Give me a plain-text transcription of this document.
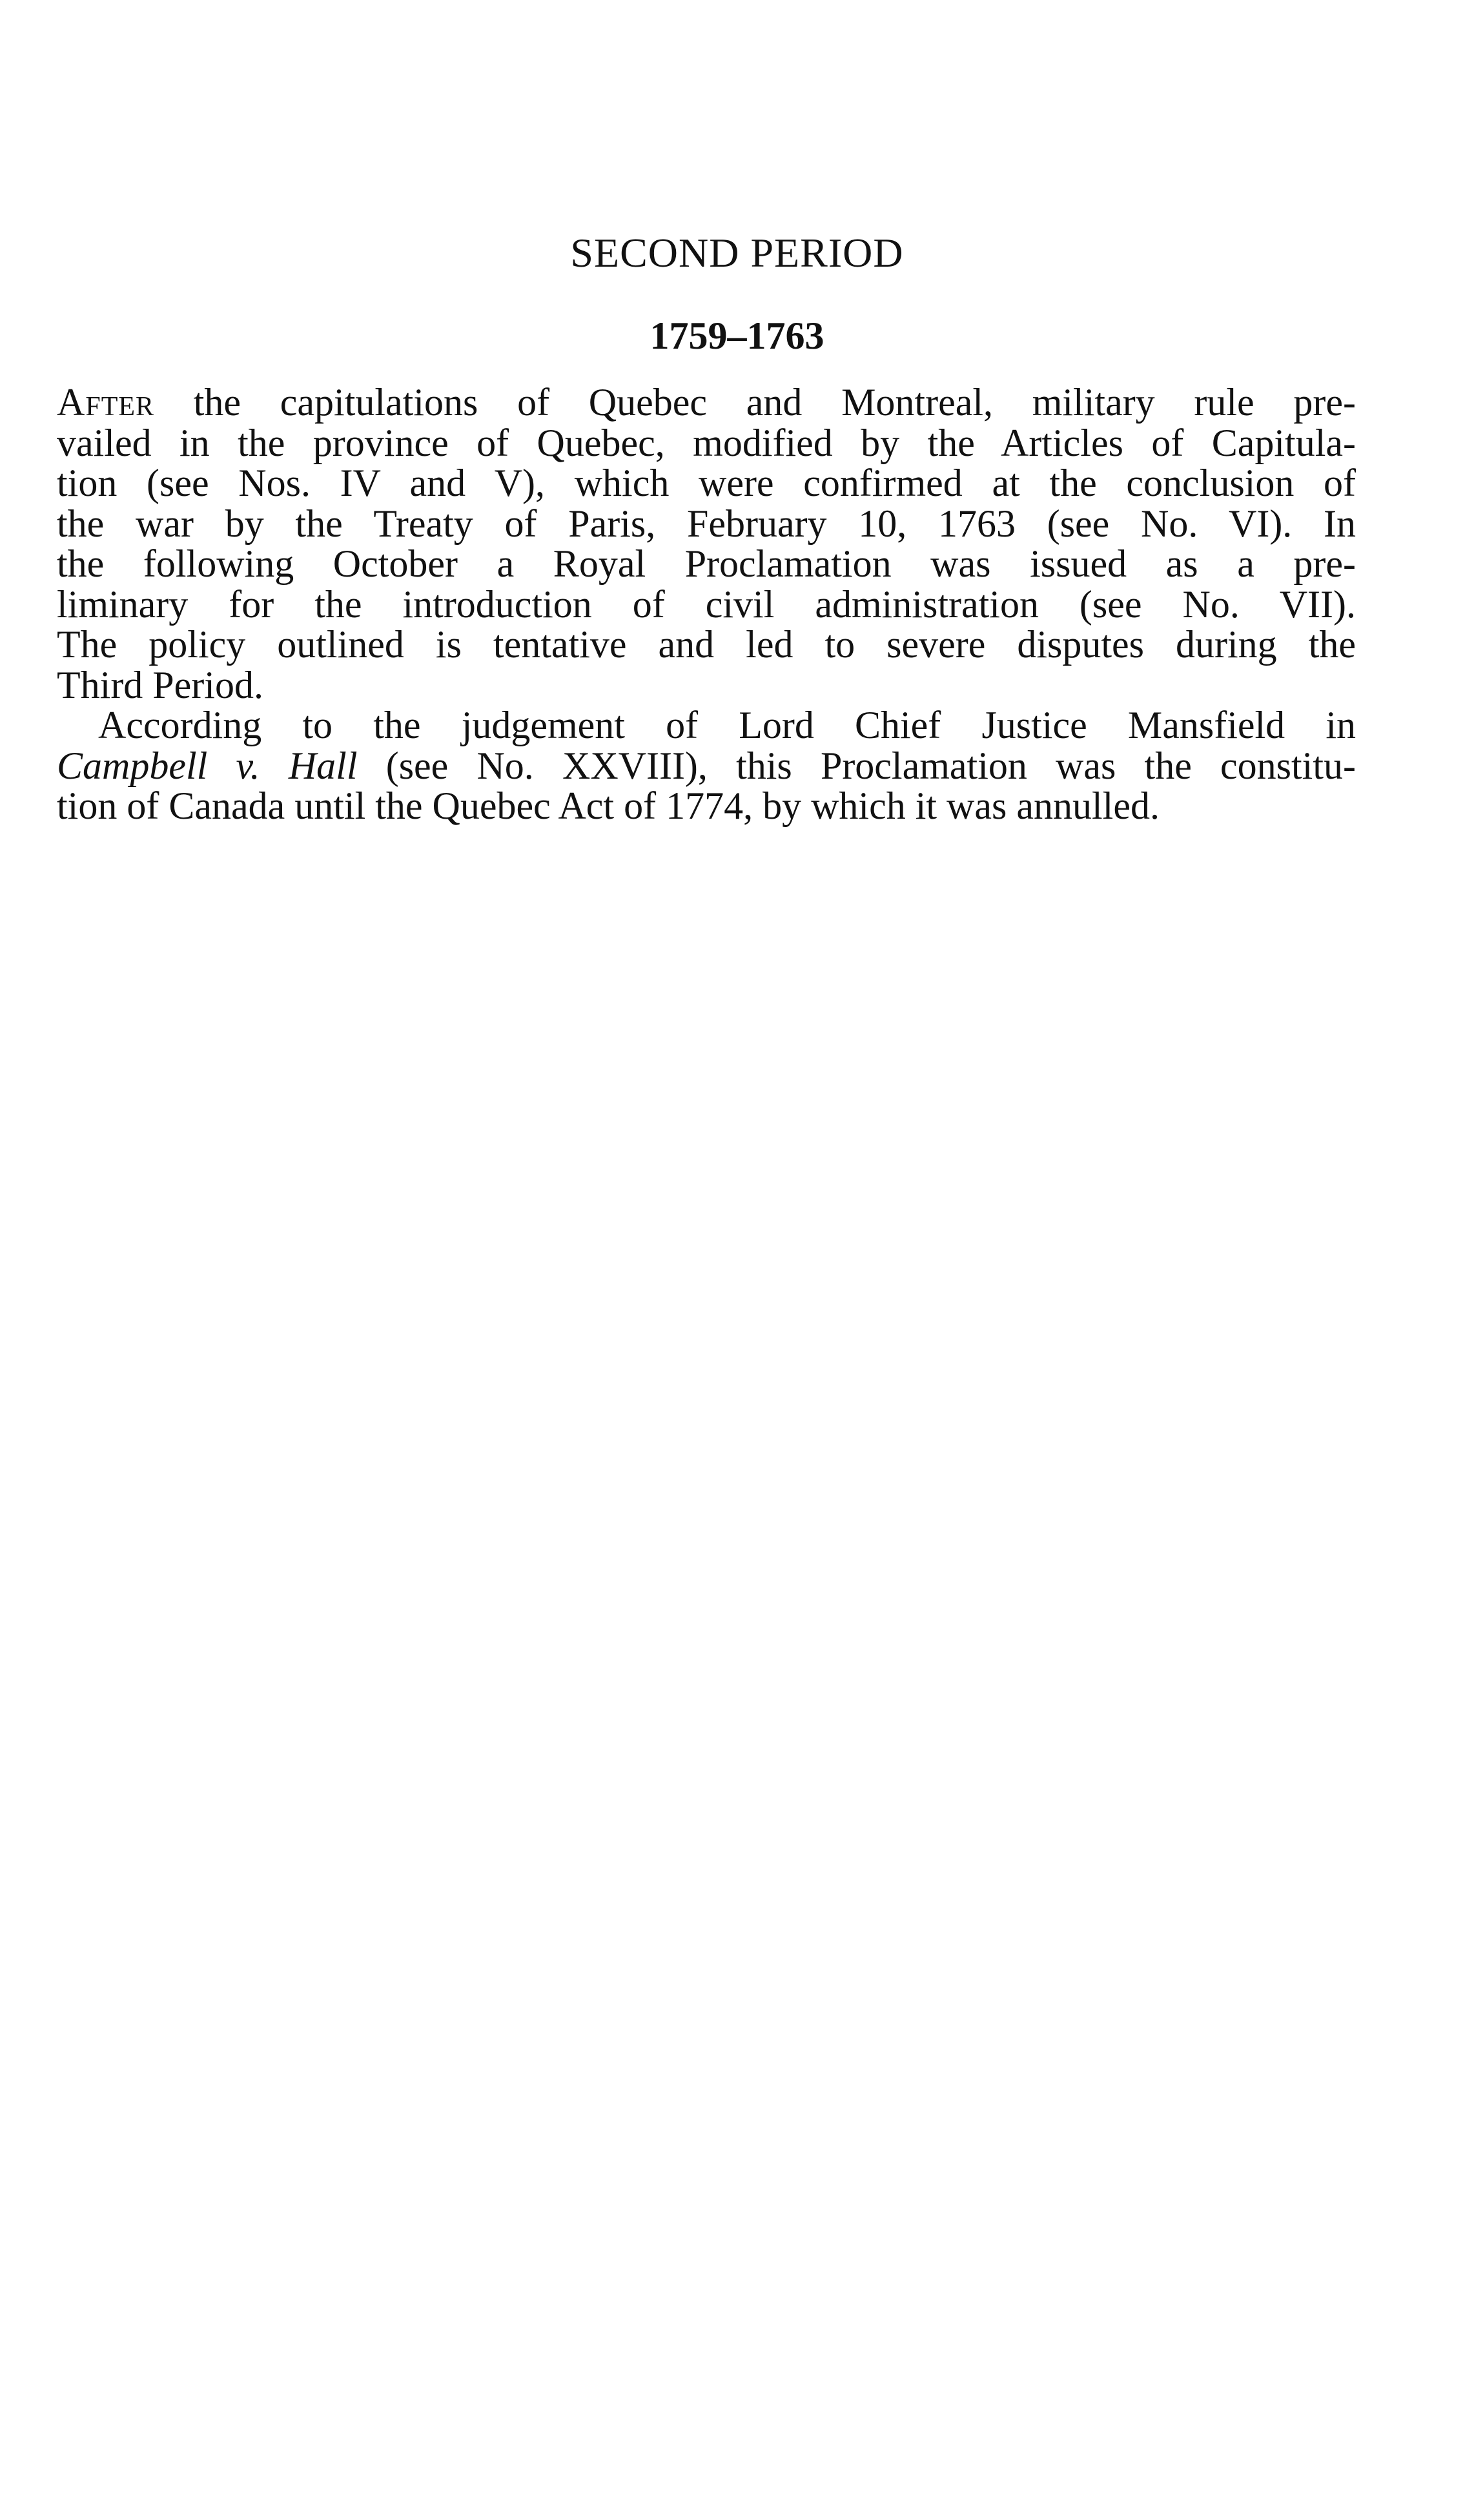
SECOND PERIOD
1759–1763
After the capitulations of Quebec and Montreal, military rule pre-
vailed in the province of Quebec, modified by the Articles of Capitula-
tion (see Nos. IV and V), which were confirmed at the conclusion of
the war by the Treaty of Paris, February 10, 1763 (see No. VI). In
the following October a Royal Proclamation was issued as a pre-
liminary for the introduction of civil administration (see No. VII).
The policy outlined is tentative and led to severe disputes during the
Third Period.
According to the judgement of Lord Chief Justice Mansfield in
Campbell v. Hall (see No. XXVIII), this Proclamation was the constitu-
tion of Canada until the Quebec Act of 1774, by which it was annulled.
